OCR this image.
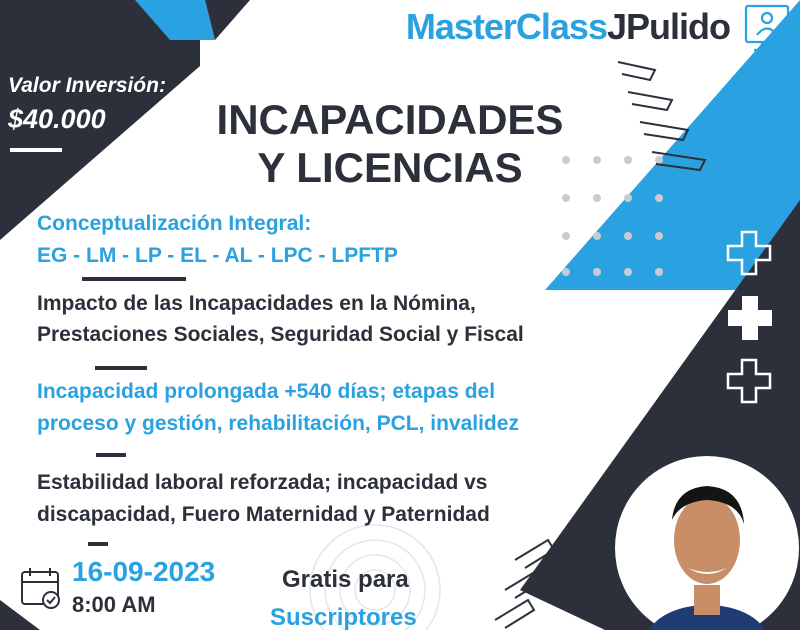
MasterClassJPulido
Valor Inversión:
$40.000	INCAPACIDADES
Y LICENCIAS
Conceptualización Integral:
EG - LM - LP - EL - AL - LPC - LPFTP
Impacto de las Incapacidades en la Nómina,
Prestaciones Sociales, Seguridad Social y Fiscal
Incapacidad prolongada +540 días; etapas del
proceso y gestión, rehabilitación, PCL, invalidez
Estabilidad laboral reforzada; incapacidad vs
discapacidad, Fuero Maternidad y Paternidad
16-09-2023
8:00 AM
Gratis para
Suscriptores
